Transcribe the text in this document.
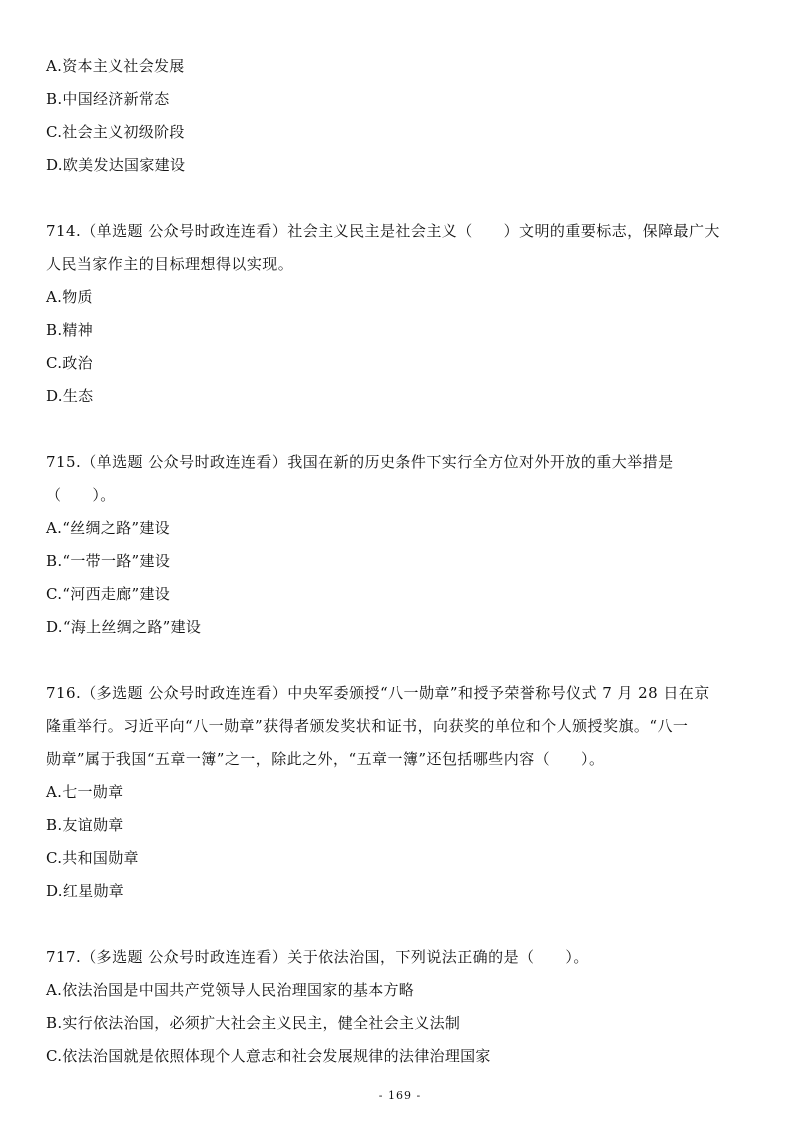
A.资本主义社会发展
B.中国经济新常态
C.社会主义初级阶段
D.欧美发达国家建设
714.（单选题 公众号时政连连看）社会主义民主是社会主义（　　）文明的重要标志，保障最广大
人民当家作主的目标理想得以实现。
A.物质
B.精神
C.政治
D.生态
715.（单选题 公众号时政连连看）我国在新的历史条件下实行全方位对外开放的重大举措是
（　　）。
A.“丝绸之路”建设
B.“一带一路”建设
C.“河西走廊”建设
D.“海上丝绸之路”建设
716.（多选题 公众号时政连连看）中央军委颁授“八一勋章”和授予荣誉称号仪式 7 月 28 日在京
隆重举行。习近平向“八一勋章”获得者颁发奖状和证书，向获奖的单位和个人颁授奖旗。“八一
勋章”属于我国“五章一簿”之一，除此之外，“五章一簿”还包括哪些内容（　　）。
A.七一勋章
B.友谊勋章
C.共和国勋章
D.红星勋章
717.（多选题 公众号时政连连看）关于依法治国，下列说法正确的是（　　）。
A.依法治国是中国共产党领导人民治理国家的基本方略
B.实行依法治国，必须扩大社会主义民主，健全社会主义法制
C.依法治国就是依照体现个人意志和社会发展规律的法律治理国家
- 169 -
